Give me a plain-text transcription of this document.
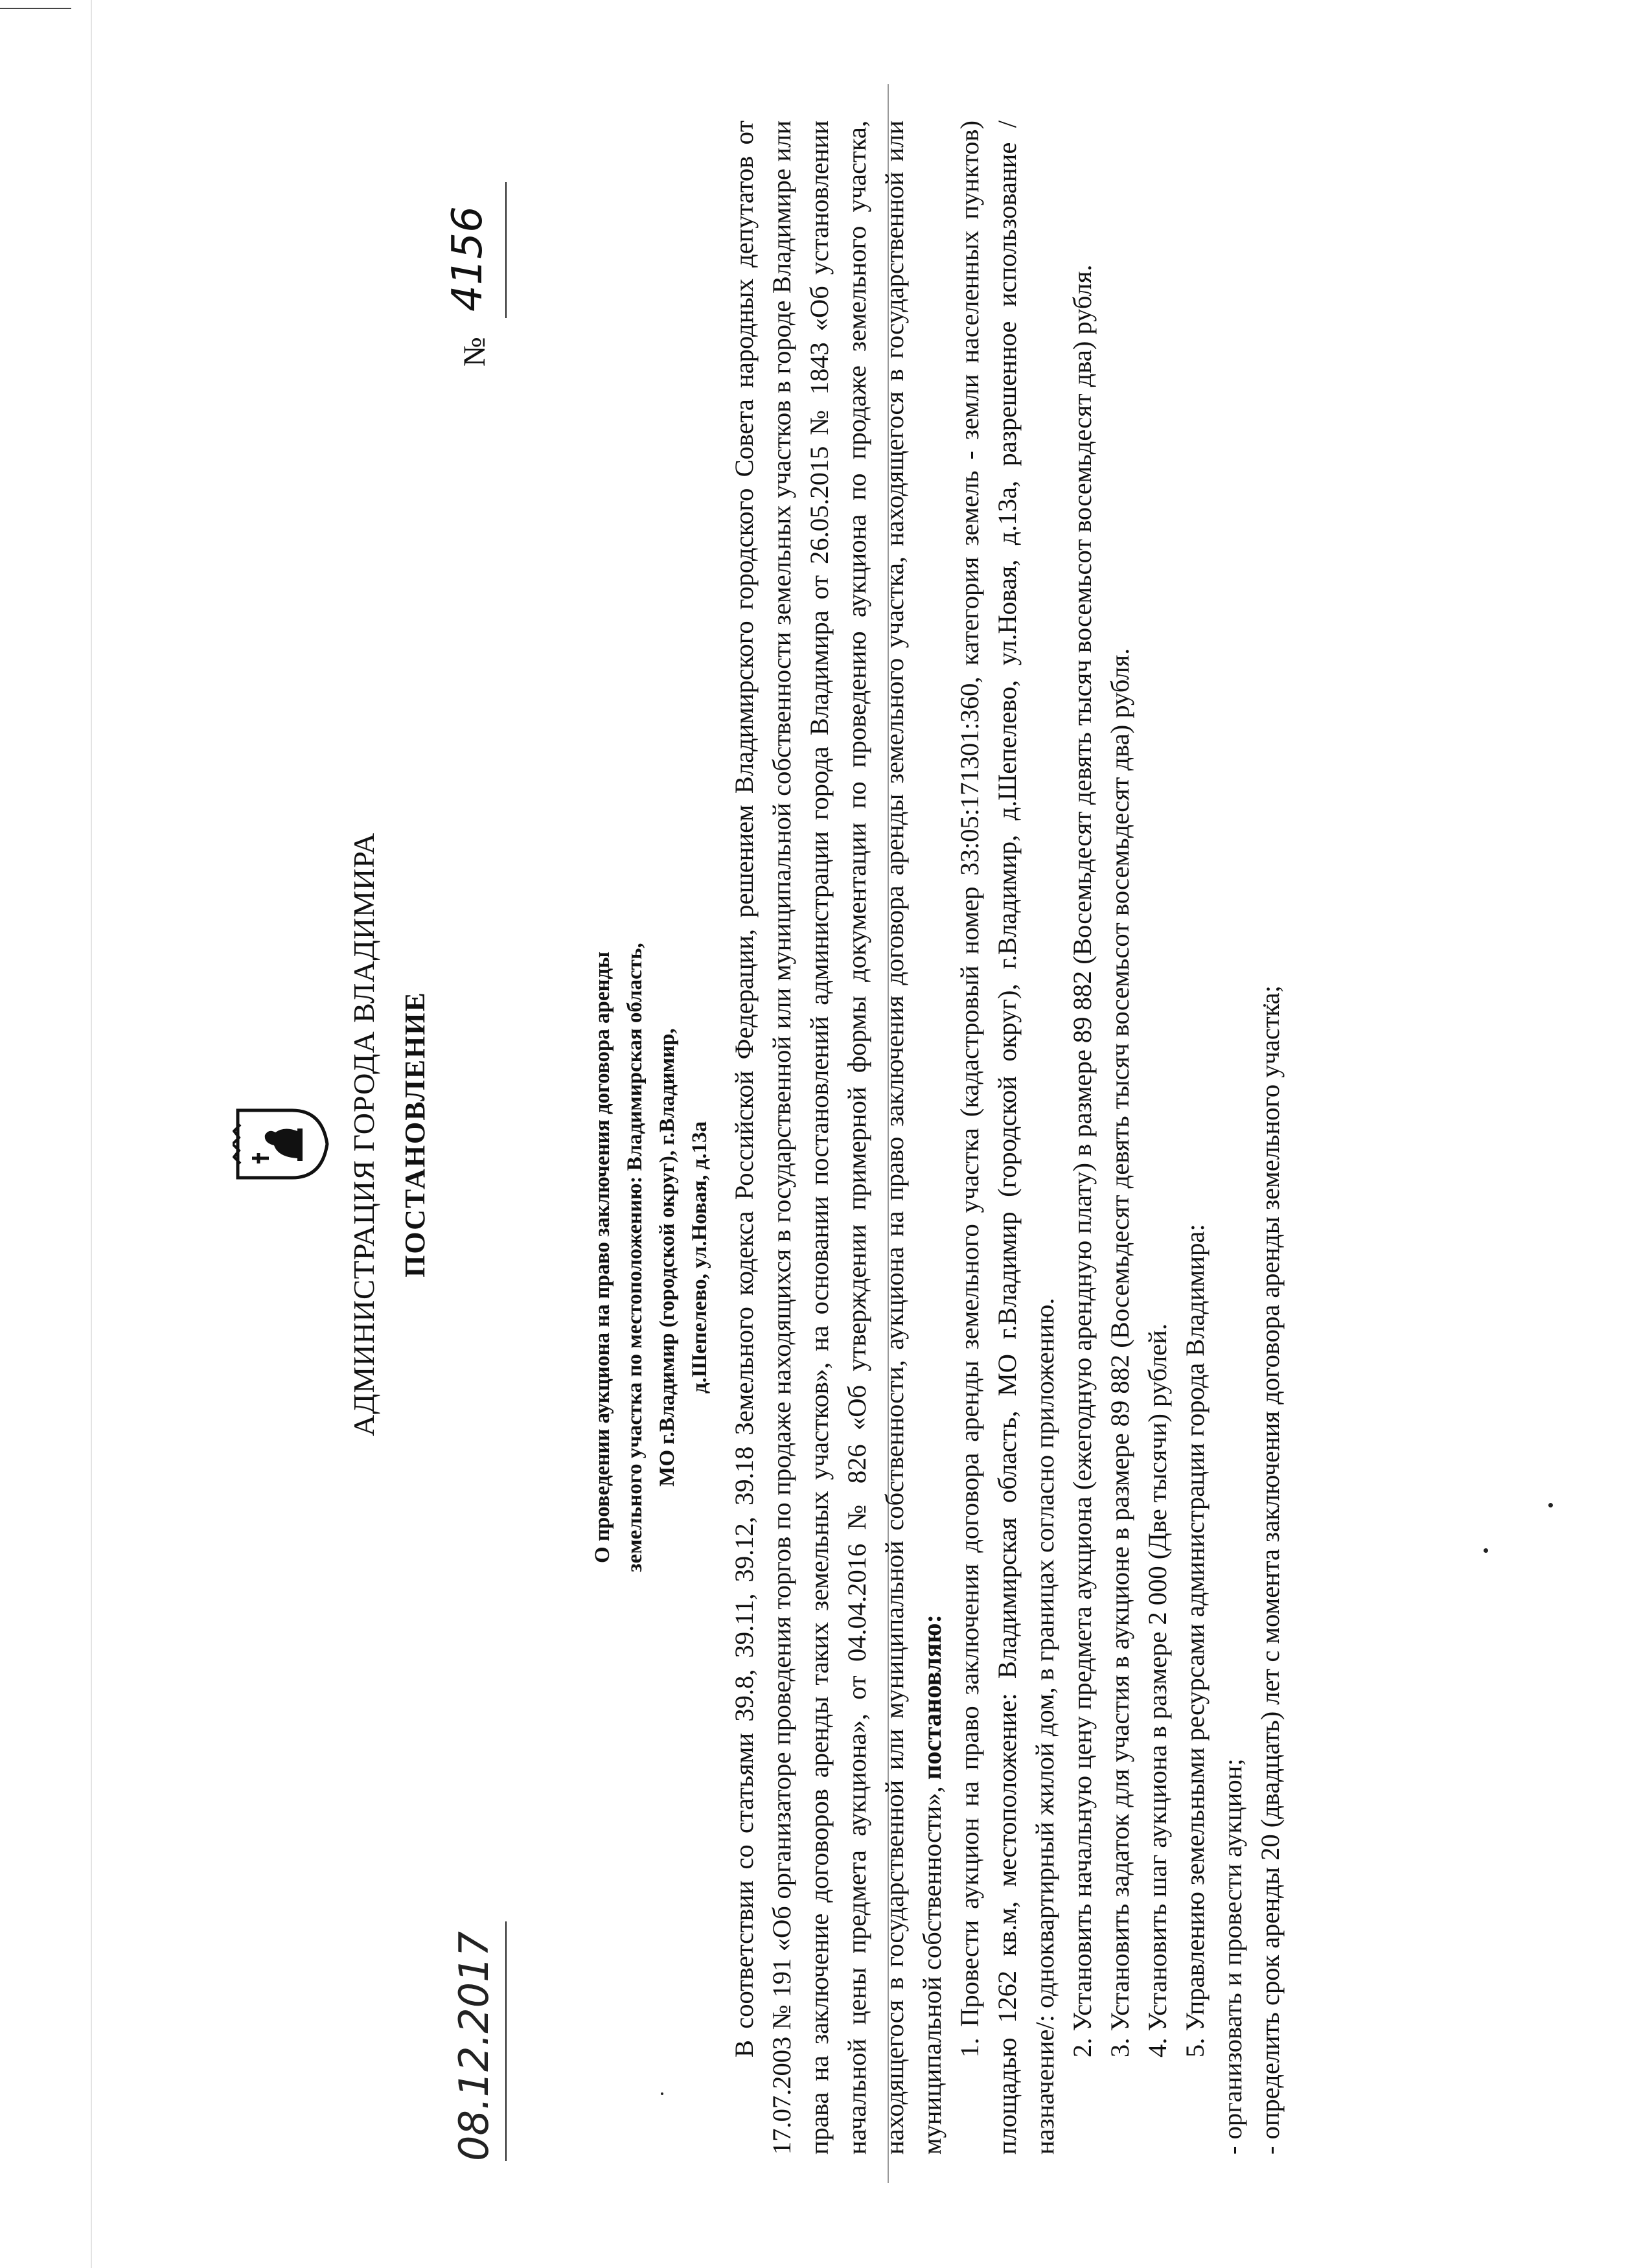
АДМИНИСТРАЦИЯ ГОРОДА ВЛАДИМИРА ПОСТАНОВЛЕНИЕ
08.12.2017
№
4156
О проведении аукциона на право заключения договора аренды земельного участка по местоположению: Владимирская область, МО г.Владимир (городской округ), г.Владимир, д.Шепелево, ул.Новая, д.13а В соответствии со статьями 39.8, 39.11, 39.12, 39.18 Земельного кодекса Российской Федерации, решением Владимирского городского Совета народных депутатов от 17.07.2003 № 191 «Об организаторе проведения торгов по продаже находящихся в государственной или муниципальной собственности земельных участков в городе Владимире или права на заключение договоров аренды таких земельных участков», на основании постановлений администрации города Владимира от 26.05.2015 № 1843 «Об установлении начальной цены предмета аукциона», от 04.04.2016 № 826 «Об утверждении примерной формы документации по проведению аукциона по продаже земельного участка, находящегося в государственной или муниципальной собственности, аукциона на право заключения договора аренды земельного участка, находящегося в государственной или муниципальной собственности», постановляю: 1. Провести аукцион на право заключения договора аренды земельного участка (кадастровый номер 33:05:171301:360, категория земель - земли населенных пунктов) площадью 1262 кв.м, местоположение: Владимирская область, МО г.Владимир (городской округ), г.Владимир, д.Шепелево, ул.Новая, д.13а, разрешенное использование /назначение/: одноквартирный жилой дом, в границах согласно приложению. 2. Установить начальную цену предмета аукциона (ежегодную арендную плату) в размере 89 882 (Восемьдесят девять тысяч восемьсот восемьдесят два) рубля. 3. Установить задаток для участия в аукционе в размере 89 882 (Восемьдесят девять тысяч восемьсот восемьдесят два) рубля. 4. Установить шаг аукциона в размере 2 000 (Две тысячи) рублей. 5. Управлению земельными ресурсами администрации города Владимира: - организовать и провести аукцион; - определить срок аренды 20 (двадцать) лет с момента заключения договора аренды земельного участка;
